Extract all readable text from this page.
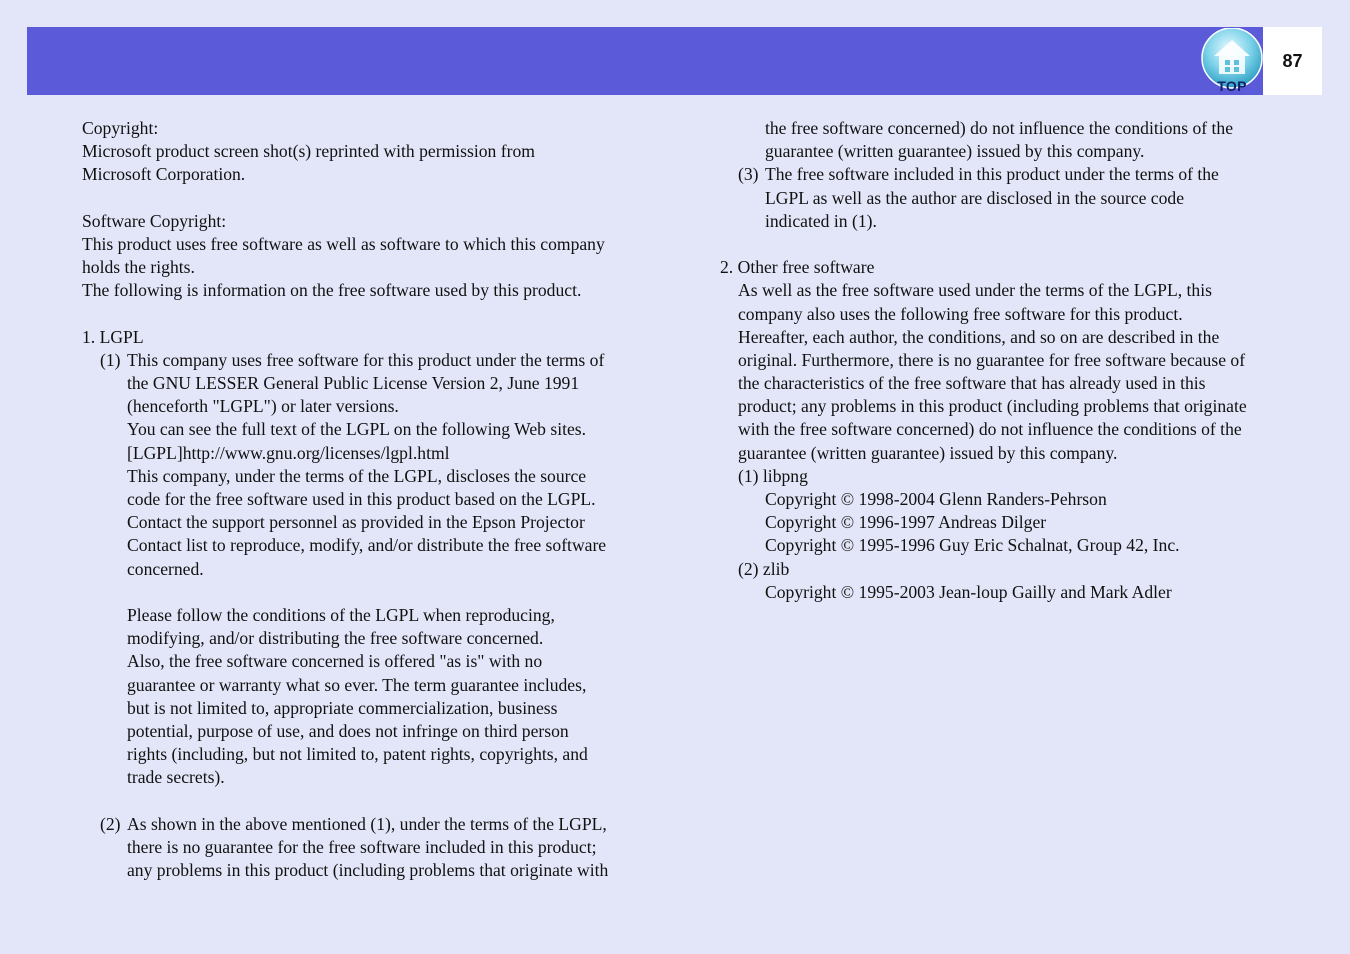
87
TOP
Copyright:
Microsoft product screen shot(s) reprinted with permission from
Microsoft Corporation.
Software Copyright:
This product uses free software as well as software to which this company
holds the rights.
The following is information on the free software used by this product.
1. LGPL
(1) This company uses free software for this product under the terms of
the GNU LESSER General Public License Version 2, June 1991
(henceforth "LGPL") or later versions.
You can see the full text of the LGPL on the following Web sites.
[LGPL]http://www.gnu.org/licenses/lgpl.html
This company, under the terms of the LGPL, discloses the source
code for the free software used in this product based on the LGPL.
Contact the support personnel as provided in the Epson Projector
Contact list to reproduce, modify, and/or distribute the free software
concerned.
Please follow the conditions of the LGPL when reproducing,
modifying, and/or distributing the free software concerned.
Also, the free software concerned is offered "as is" with no
guarantee or warranty what so ever. The term guarantee includes,
but is not limited to, appropriate commercialization, business
potential, purpose of use, and does not infringe on third person
rights (including, but not limited to, patent rights, copyrights, and
trade secrets).
(2) As shown in the above mentioned (1), under the terms of the LGPL,
there is no guarantee for the free software included in this product;
any problems in this product (including problems that originate with
the free software concerned) do not influence the conditions of the
guarantee (written guarantee) issued by this company.
(3) The free software included in this product under the terms of the
LGPL as well as the author are disclosed in the source code
indicated in (1).
2. Other free software
As well as the free software used under the terms of the LGPL, this
company also uses the following free software for this product.
Hereafter, each author, the conditions, and so on are described in the
original. Furthermore, there is no guarantee for free software because of
the characteristics of the free software that has already used in this
product; any problems in this product (including problems that originate
with the free software concerned) do not influence the conditions of the
guarantee (written guarantee) issued by this company.
(1) libpng
Copyright © 1998-2004 Glenn Randers-Pehrson
Copyright © 1996-1997 Andreas Dilger
Copyright © 1995-1996 Guy Eric Schalnat, Group 42, Inc.
(2) zlib
Copyright © 1995-2003 Jean-loup Gailly and Mark Adler
